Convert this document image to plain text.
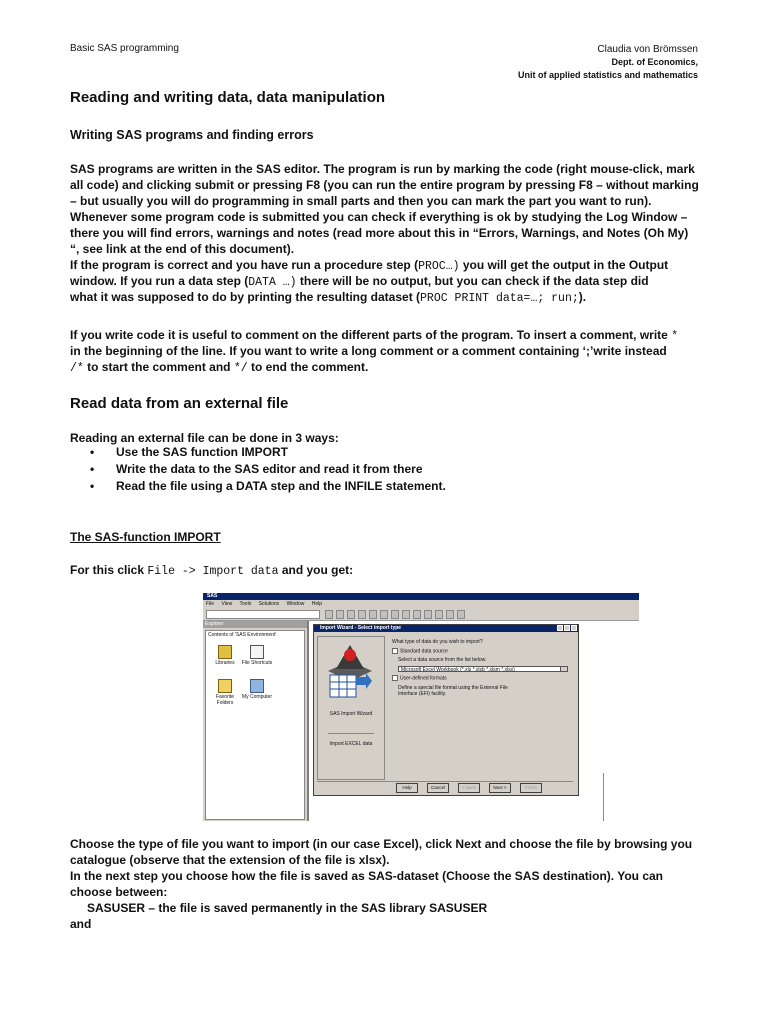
Basic SAS programming	Claudia von Brömssen
Dept. of Economics,
Unit of applied statistics and mathematics
Reading and writing data, data manipulation
Writing SAS programs and finding errors
SAS programs are written in the SAS editor. The program is run by marking the code (right mouse-click, mark
all code) and clicking submit or pressing F8 (you can run the entire program by pressing F8 – without marking
– but usually you will do programming in small parts and then you can mark the part you want to run).
Whenever some program code is submitted you can check if everything is ok by studying the Log Window –
there you will find errors, warnings and notes (read more about this in “Errors, Warnings, and Notes (Oh My)
“, see link at the end of this document).
If the program is correct and you have run a procedure step (PROC…) you will get the output in the Output
window. If you run a data step (DATA …) there will be no output, but you can check if the data step did
what it was supposed to do by printing the resulting dataset (PROC PRINT data=…; run;).
If you write code it is useful to comment on the different parts of the program. To insert a comment, write *
in the beginning of the line. If you want to write a long comment or a comment containing ‘;’write instead
/* to start the comment and */ to end the comment.
Read data from an external file
Reading an external file can be done in 3 ways:
• Use the SAS function IMPORT
• Write the data to the SAS editor and read it from there
• Read the file using a DATA step and the INFILE statement.
The SAS-function IMPORT
For this click File -> Import data and you get:
SAS
File View Tools Solutions Window Help
Explorer
Contents of 'SAS Environment'
Libraries	File Shortcuts
Favorite Folders
My Computer
Import Wizard - Select import type
SAS Import Wizard
Import EXCEL data
What type of data do you wish to import?
Standard data source
Select a data source from the list below.
Microsoft Excel Workbook (*.xls *.xlsb *.xlsm *.xlsx)
User-defined formats
Define a special file format using the External File Interface (EFI) facility.
Help	Cancel	< Back	Next >	Finish
Choose the type of file you want to import (in our case Excel), click Next and choose the file by browsing you
catalogue (observe that the extension of the file is xlsx).
In the next step you choose how the file is saved as SAS-dataset (Choose the SAS destination). You can
choose between:
SASUSER – the file is saved permanently in the SAS library SASUSER
and
